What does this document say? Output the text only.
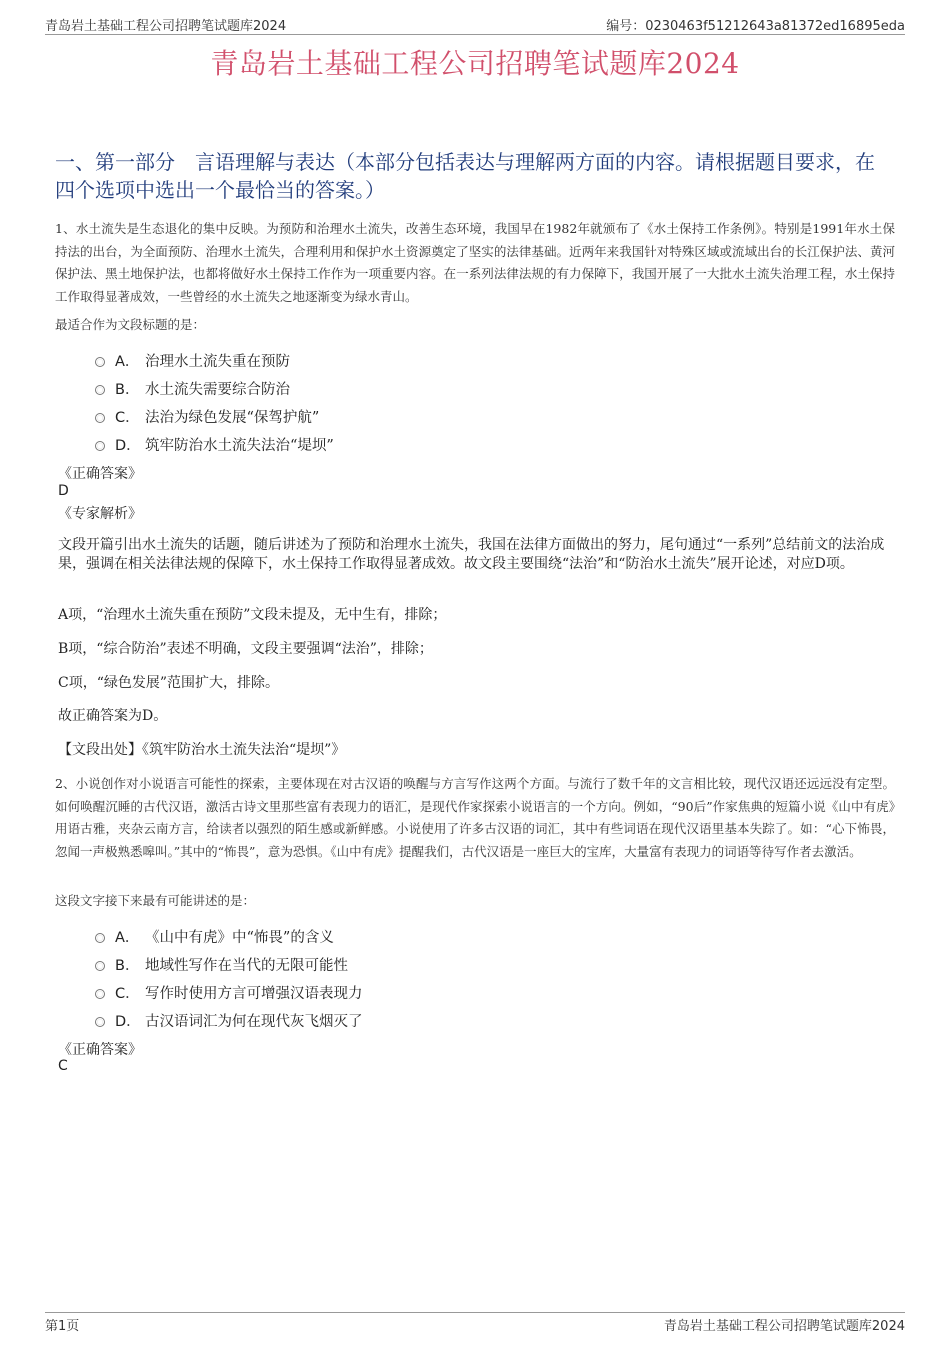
青岛岩土基础工程公司招聘笔试题库2024	编号：0230463f51212643a81372ed16895eda
青岛岩土基础工程公司招聘笔试题库2024
一、第一部分　言语理解与表达（本部分包括表达与理解两方面的内容。请根据题目要求，在四个选项中选出一个最恰当的答案。）
1、水土流失是生态退化的集中反映。为预防和治理水土流失，改善生态环境，我国早在1982年就颁布了《水土保持工作条例》。特别是1991年水土保持法的出台，为全面预防、治理水土流失，合理利用和保护水土资源奠定了坚实的法律基础。近两年来我国针对特殊区域或流域出台的长江保护法、黄河保护法、黑土地保护法，也都将做好水土保持工作作为一项重要内容。在一系列法律法规的有力保障下，我国开展了一大批水土流失治理工程，水土保持工作取得显著成效，一些曾经的水土流失之地逐渐变为绿水青山。
最适合作为文段标题的是：
A． 治理水土流失重在预防
B． 水土流失需要综合防治
C． 法治为绿色发展“保驾护航”
D． 筑牢防治水土流失法治“堤坝”
《正确答案》
D
《专家解析》
文段开篇引出水土流失的话题，随后讲述为了预防和治理水土流失，我国在法律方面做出的努力，尾句通过“一系列”总结前文的法治成果，强调在相关法律法规的保障下，水土保持工作取得显著成效。故文段主要围绕“法治”和“防治水土流失”展开论述，对应D项。
A项，“治理水土流失重在预防”文段未提及，无中生有，排除；
B项，“综合防治”表述不明确，文段主要强调“法治”，排除；
C项，“绿色发展”范围扩大，排除。
故正确答案为D。
【文段出处】《筑牢防治水土流失法治“堤坝”》
2、小说创作对小说语言可能性的探索，主要体现在对古汉语的唤醒与方言写作这两个方面。与流行了数千年的文言相比较，现代汉语还远远没有定型。如何唤醒沉睡的古代汉语，激活古诗文里那些富有表现力的语汇，是现代作家探索小说语言的一个方向。例如，“90后”作家焦典的短篇小说《山中有虎》用语古雅，夹杂云南方言，给读者以强烈的陌生感或新鲜感。小说使用了许多古汉语的词汇，其中有些词语在现代汉语里基本失踪了。如：“心下怖畏，忽闻一声极熟悉嗥叫。”其中的“怖畏”，意为恐惧。《山中有虎》提醒我们，古代汉语是一座巨大的宝库，大量富有表现力的词语等待写作者去激活。
这段文字接下来最有可能讲述的是：
A． 《山中有虎》中“怖畏”的含义
B． 地域性写作在当代的无限可能性
C． 写作时使用方言可增强汉语表现力
D． 古汉语词汇为何在现代灰飞烟灭了
《正确答案》
C
第1页	青岛岩土基础工程公司招聘笔试题库2024
